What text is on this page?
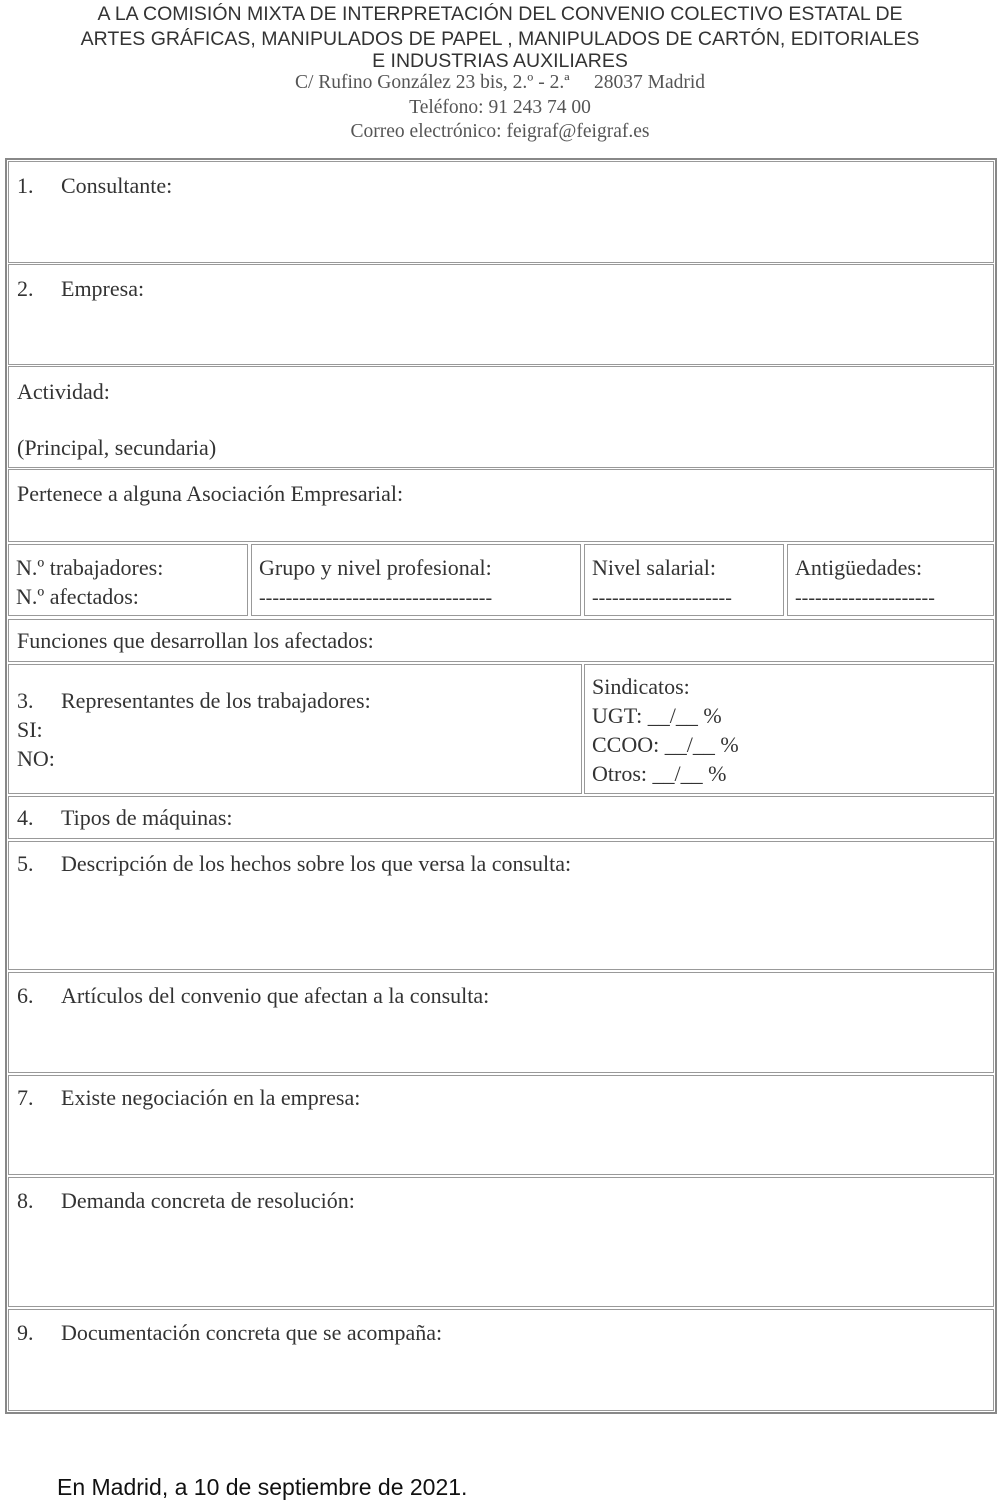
A LA COMISIÓN MIXTA DE INTERPRETACIÓN DEL CONVENIO COLECTIVO ESTATAL DE
ARTES GRÁFICAS, MANIPULADOS DE PAPEL , MANIPULADOS DE CARTÓN, EDITORIALES
E INDUSTRIAS AUXILIARES
C/ Rufino González 23 bis, 2.º - 2.ª     28037 Madrid
Teléfono: 91 243 74 00
Correo electrónico: feigraf@feigraf.es
1. Consultante:
2. Empresa:
Actividad:
(Principal, secundaria)
Pertenece a alguna Asociación Empresarial:
N.º trabajadores:
N.º afectados:
Grupo y nivel profesional:
-----------------------------------
Nivel salarial:
---------------------
Antigüedades:
---------------------
Funciones que desarrollan los afectados:
3. Representantes de los trabajadores:
SI:
NO:
Sindicatos:
UGT: __/__ %
CCOO: __/__ %
Otros: __/__ %
4. Tipos de máquinas:
5. Descripción de los hechos sobre los que versa la consulta:
6. Artículos del convenio que afectan a la consulta:
7. Existe negociación en la empresa:
8. Demanda concreta de resolución:
9. Documentación concreta que se acompaña:
En Madrid, a 10 de septiembre de 2021.
